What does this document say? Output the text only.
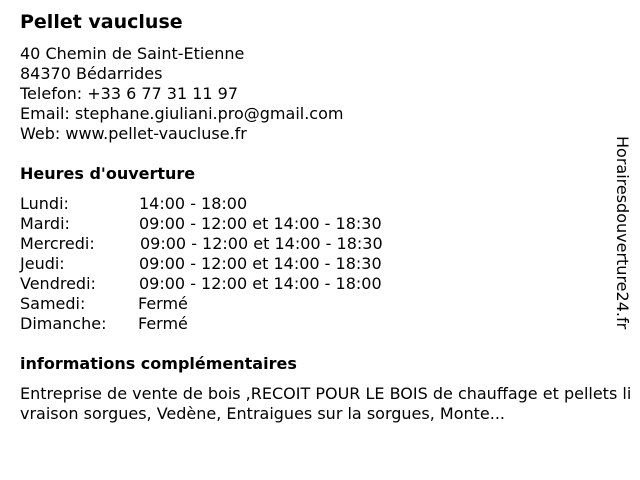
Pellet vaucluse
40 Chemin de Saint-Etienne
84370 Bédarrides
Telefon: +33 6 77 31 11 97
Email: stephane.giuliani.pro@gmail.com
Web: www.pellet-vaucluse.fr
Heures d'ouverture
Lundi:	14:00 - 18:00
Mardi:	09:00 - 12:00 et 14:00 - 18:30
Mercredi:	09:00 - 12:00 et 14:00 - 18:30
Jeudi:	09:00 - 12:00 et 14:00 - 18:30
Vendredi:	09:00 - 12:00 et 14:00 - 18:00
Samedi:	Fermé
Dimanche: Fermé
informations complémentaires
Entreprise de vente de bois ,RECOIT POUR LE BOIS de chauffage et pellets livraison sorgues, Vedène, Entraigues sur la sorgues, Monte...
Horairesdouverture24.fr
